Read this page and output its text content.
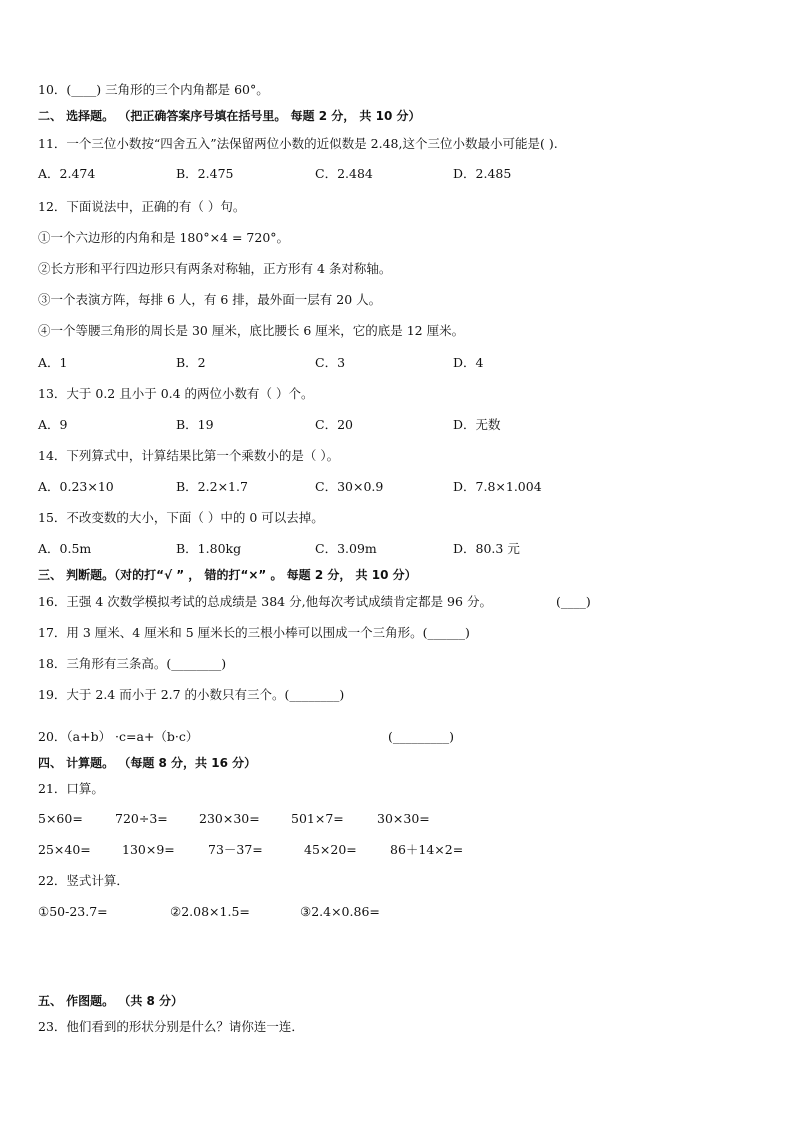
10．(____) 三角形的三个内角都是 60°。
二、 选择题。 （把正确答案序号填在括号里。 每题 2 分， 共 10 分）
11．一个三位小数按“四舍五入”法保留两位小数的近似数是 2.48,这个三位小数最小可能是( ).
A．2.474	B．2.475	C．2.484	D．2.485
12．下面说法中，正确的有（ ）句。
①一个六边形的内角和是 180°×4 = 720°。
②长方形和平行四边形只有两条对称轴，正方形有 4 条对称轴。
③一个表演方阵，每排 6 人，有 6 排，最外面一层有 20 人。
④一个等腰三角形的周长是 30 厘米，底比腰长 6 厘米，它的底是 12 厘米。
A．1	B．2	C．3	D．4
13．大于 0.2 且小于 0.4 的两位小数有（ ）个。
A．9	B．19	C．20	D．无数
14．下列算式中，计算结果比第一个乘数小的是（ ）。
A．0.23×10	B．2.2×1.7	C．30×0.9	D．7.8×1.004
15．不改变数的大小，下面（ ）中的 0 可以去掉。
A．0.5m	B．1.80kg	C．3.09m	D．80.3 元
三、 判断题。（对的打“√ ” ， 错的打“×” 。 每题 2 分， 共 10 分）
16．王强 4 次数学模拟考试的总成绩是 384 分,他每次考试成绩肯定都是 96 分。	(____)
17．用 3 厘米、4 厘米和 5 厘米长的三根小棒可以围成一个三角形。(______)
18．三角形有三条高。(________)
19．大于 2.4 而小于 2.7 的小数只有三个。(________)
20．（a+b） ·c=a+（b·c）	(_________)
四、 计算题。 （每题 8 分，共 16 分）
21．口算。
5×60=	720÷3= 230×30=	501×7=	30×30=
25×40= 130×9=	73－37=	45×20=	86＋14×2=
22．竖式计算．
①50-23.7=	②2.08×1.5=	③2.4×0.86=
五、 作图题。 （共 8 分）
23．他们看到的形状分别是什么？请你连一连．
